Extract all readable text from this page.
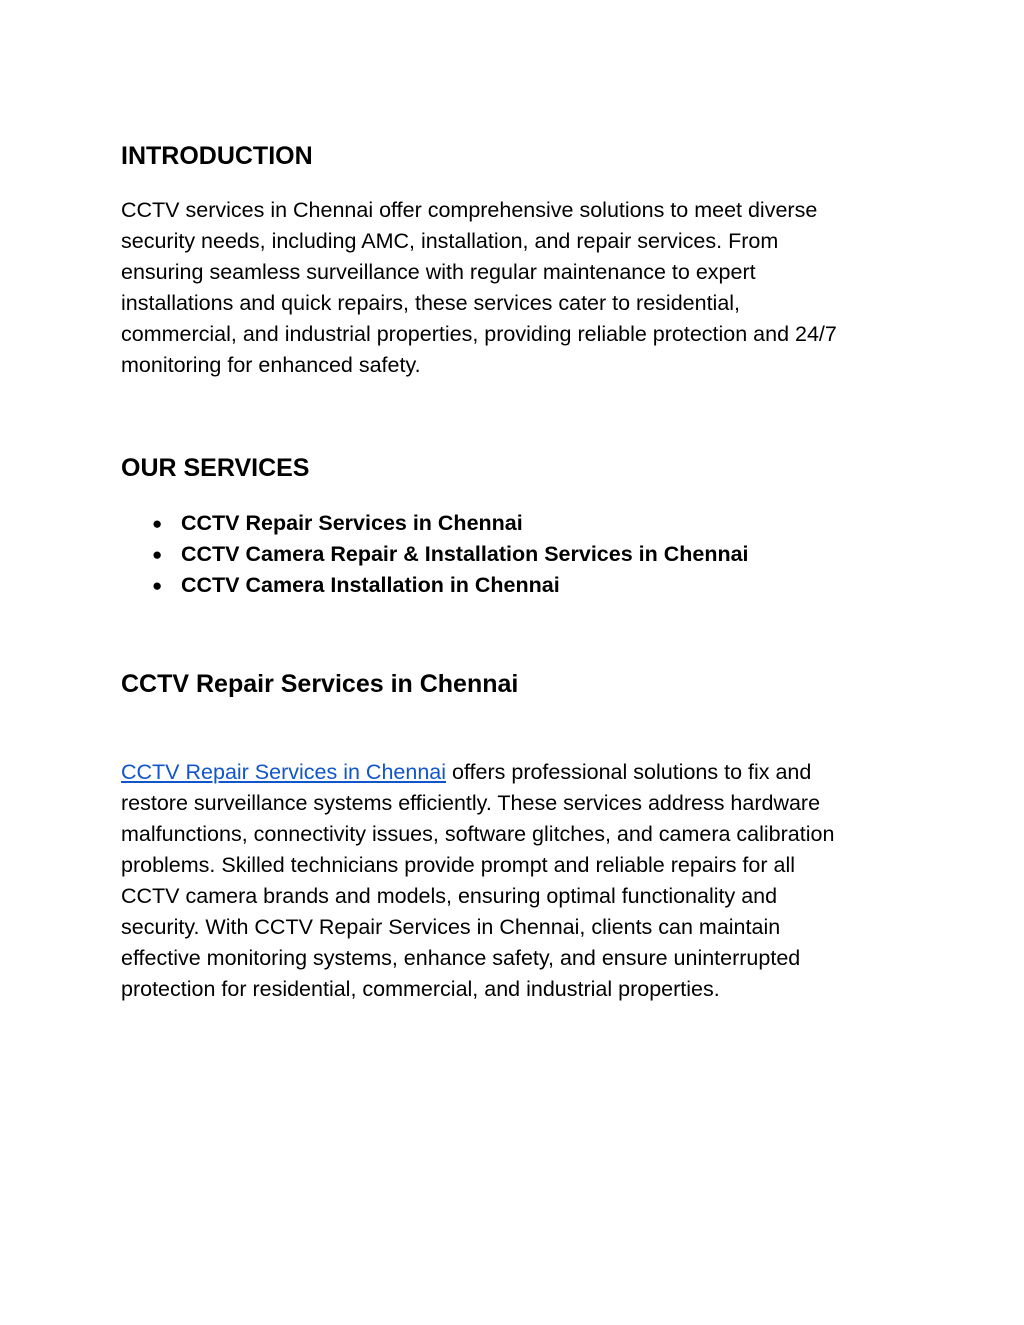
INTRODUCTION

CCTV services in Chennai offer comprehensive solutions to meet diverse
security needs, including AMC, installation, and repair services. From
ensuring seamless surveillance with regular maintenance to expert
installations and quick repairs, these services cater to residential,
commercial, and industrial properties, providing reliable protection and 24/7
monitoring for enhanced safety.

OUR SERVICES
● CCTV Repair Services in Chennai
● CCTV Camera Repair & Installation Services in Chennai
● CCTV Camera Installation in Chennai
CCTV Repair Services in Chennai

CCTV Repair Services in Chennai offers professional solutions to fix and
restore surveillance systems efficiently. These services address hardware
malfunctions, connectivity issues, software glitches, and camera calibration
problems. Skilled technicians provide prompt and reliable repairs for all
CCTV camera brands and models, ensuring optimal functionality and
security. With CCTV Repair Services in Chennai, clients can maintain
effective monitoring systems, enhance safety, and ensure uninterrupted
protection for residential, commercial, and industrial properties.
